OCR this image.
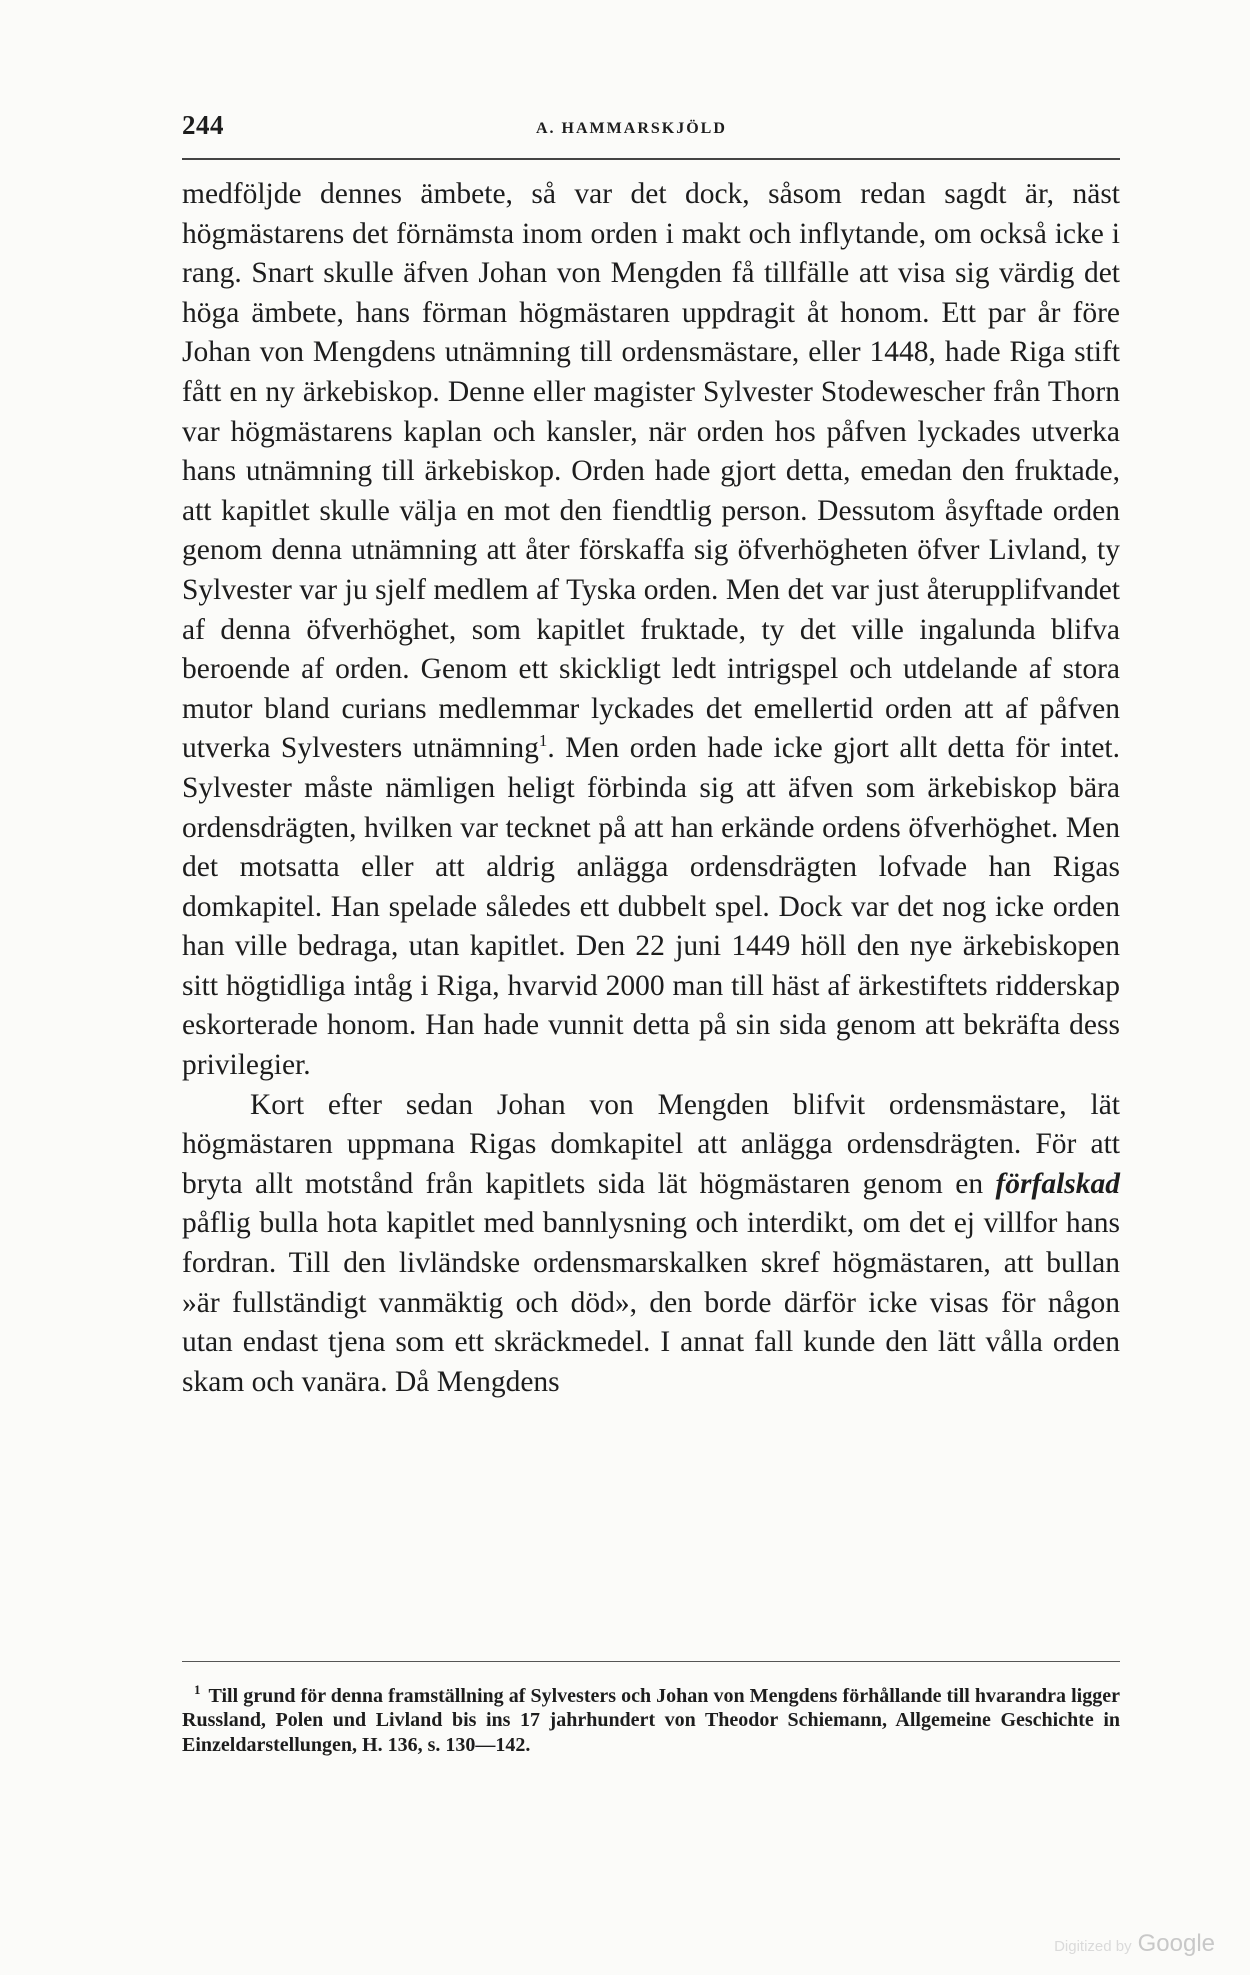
244	A. HAMMARSKJÖLD

medföljde dennes ämbete, så var det dock, såsom redan sagdt är, näst högmästarens det förnämsta inom orden i makt och inflytande, om också icke i rang. Snart skulle äfven Johan von Mengden få tillfälle att visa sig värdig det höga ämbete, hans förman högmästaren uppdragit åt honom. Ett par år före Johan von Mengdens utnämning till ordensmästare, eller 1448, hade Riga stift fått en ny ärkebiskop. Denne eller magister Sylvester Stodewescher från Thorn var högmästarens kaplan och kansler, när orden hos påfven lyckades utverka hans utnämning till ärkebiskop. Orden hade gjort detta, emedan den fruktade, att kapitlet skulle välja en mot den fiendtlig person. Dessutom åsyftade orden genom denna utnämning att åter förskaffa sig öfverhögheten öfver Livland, ty Sylvester var ju sjelf medlem af Tyska orden. Men det var just återupplifvandet af denna öfverhöghet, som kapitlet fruktade, ty det ville ingalunda blifva beroende af orden. Genom ett skickligt ledt intrigspel och utdelande af stora mutor bland curians medlemmar lyckades det emellertid orden att af påfven utverka Sylvesters utnämning$^1$. Men orden hade icke gjort allt detta för intet. Sylvester måste nämligen heligt förbinda sig att äfven som ärkebiskop bära ordensdrägten, hvilken var tecknet på att han erkände ordens öfverhöghet. Men det motsatta eller att aldrig anlägga ordensdrägten lofvade han Rigas domkapitel. Han spelade således ett dubbelt spel. Dock var det nog icke orden han ville bedraga, utan kapitlet. Den 22 juni 1449 höll den nye ärkebiskopen sitt högtidliga intåg i Riga, hvarvid 2000 man till häst af ärkestiftets ridderskap eskorterade honom. Han hade vunnit detta på sin sida genom att bekräfta dess privilegier.

Kort efter sedan Johan von Mengden blifvit ordensmästare, lät högmästaren uppmana Rigas domkapitel att anlägga ordensdrägten. För att bryta allt motstånd från kapitlets sida lät högmästaren genom en förfalskad påflig bulla hota kapitlet med bannlysning och interdikt, om det ej villfor hans fordran. Till den livländske ordensmarskalken skref högmästaren, att bullan »är fullständigt vanmäktig och död», den borde därför icke visas för någon utan endast tjena som ett skräckmedel. I annat fall kunde den lätt vålla orden skam och vanära. Då Mengdens

$^1$ Till grund för denna framställning af Sylvesters och Johan von Mengdens förhållande till hvarandra ligger Russland, Polen und Livland bis ins 17 jahrhundert von Theodor Schiemann, Allgemeine Geschichte in Einzeldarstellungen, H. 136, s. 130—142.
Digitized by Google
